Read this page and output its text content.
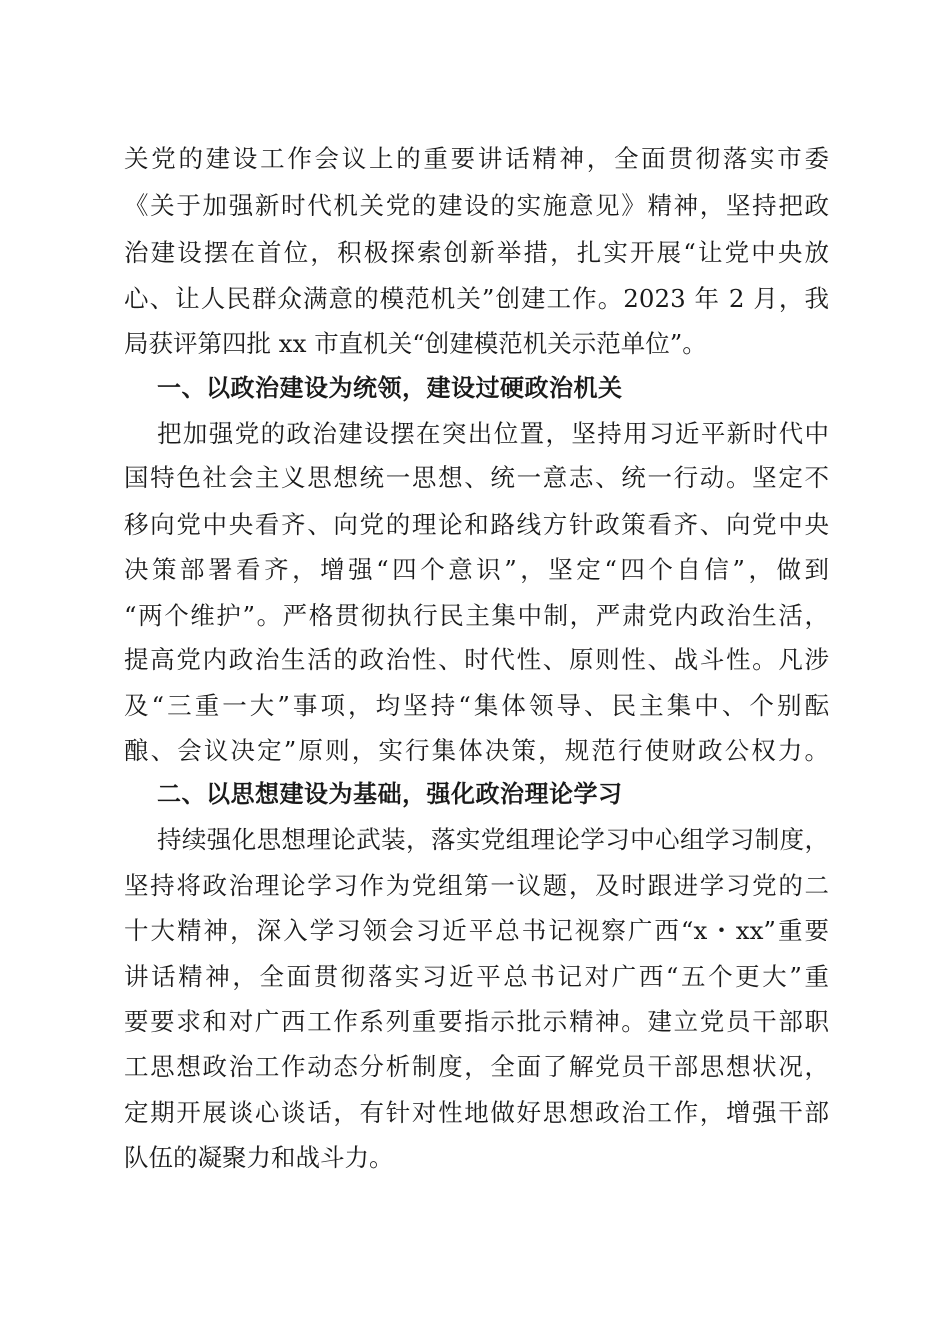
关党的建设工作会议上的重要讲话精神，全面贯彻落实市委
《关于加强新时代机关党的建设的实施意见》精神，坚持把政
治建设摆在首位，积极探索创新举措，扎实开展“让党中央放
心、让人民群众满意的模范机关”创建工作。2023 年 2 月，我
局获评第四批 xx 市直机关“创建模范机关示范单位”。
一、以政治建设为统领，建设过硬政治机关
把加强党的政治建设摆在突出位置，坚持用习近平新时代中
国特色社会主义思想统一思想、统一意志、统一行动。坚定不
移向党中央看齐、向党的理论和路线方针政策看齐、向党中央
决策部署看齐，增强“四个意识”，坚定“四个自信”，做到
“两个维护”。严格贯彻执行民主集中制，严肃党内政治生活，
提高党内政治生活的政治性、时代性、原则性、战斗性。凡涉
及“三重一大”事项，均坚持“集体领导、民主集中、个别酝
酿、会议决定”原则，实行集体决策，规范行使财政公权力。
二、以思想建设为基础，强化政治理论学习
持续强化思想理论武装，落实党组理论学习中心组学习制度，
坚持将政治理论学习作为党组第一议题，及时跟进学习党的二
十大精神，深入学习领会习近平总书记视察广西“x・xx”重要
讲话精神，全面贯彻落实习近平总书记对广西“五个更大”重
要要求和对广西工作系列重要指示批示精神。建立党员干部职
工思想政治工作动态分析制度，全面了解党员干部思想状况，
定期开展谈心谈话，有针对性地做好思想政治工作，增强干部
队伍的凝聚力和战斗力。
